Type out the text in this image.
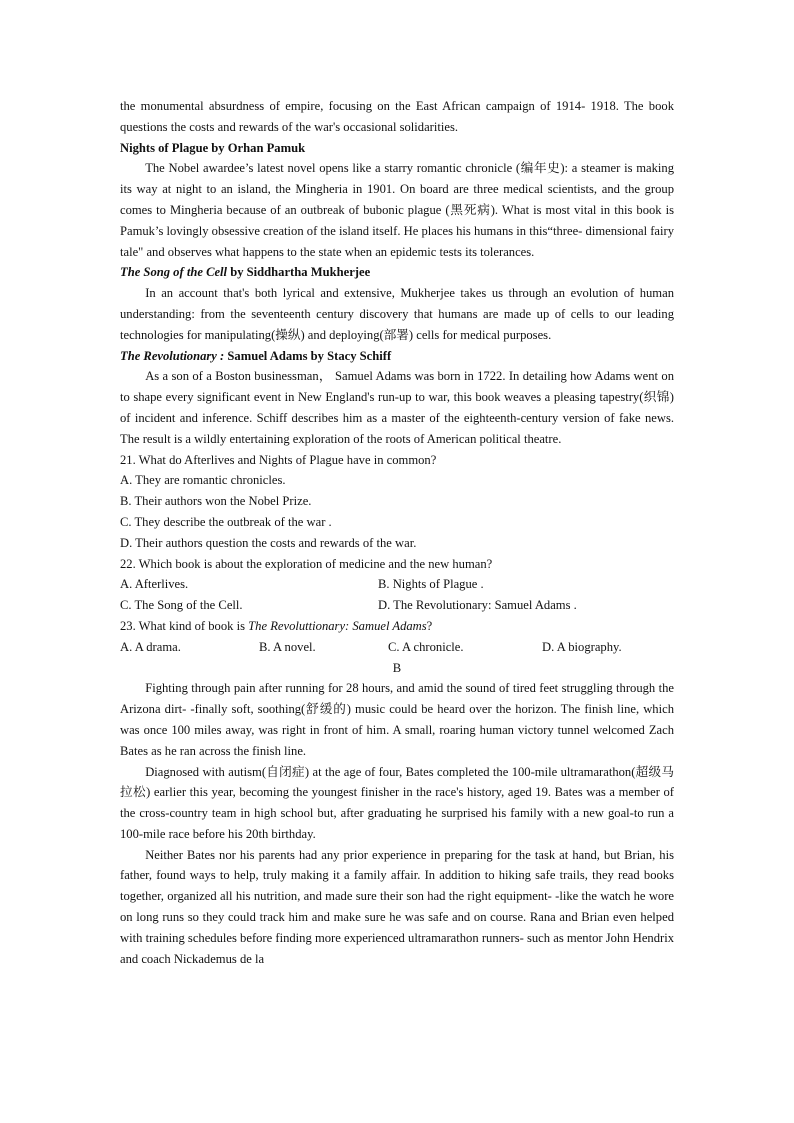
the monumental absurdness of empire, focusing on the East African campaign of 1914- 1918. The book questions the costs and rewards of the war's occasional solidarities.

Nights of Plague by Orhan Pamuk

The Nobel awardee’s latest novel opens like a starry romantic chronicle (编年史): a steamer is making its way at night to an island, the Mingheria in 1901. On board are three medical scientists, and the group comes to Mingheria because of an outbreak of bubonic plague (黑死病). What is most vital in this book is Pamuk’s lovingly obsessive creation of the island itself. He places his humans in this“three- dimensional fairy tale" and observes what happens to the state when an epidemic tests its tolerances.

The Song of the Cell by Siddhartha Mukherjee

In an account that's both lyrical and extensive, Mukherjee takes us through an evolution of human understanding: from the seventeenth century discovery that humans are made up of cells to our leading technologies for manipulating(操纵) and deploying(部署) cells for medical purposes.

The Revolutionary : Samuel Adams by Stacy Schiff

As a son of a Boston businessman， Samuel Adams was born in 1722. In detailing how Adams went on to shape every significant event in New England's run-up to war, this book weaves a pleasing tapestry(织锦) of incident and inference. Schiff describes him as a master of the eighteenth-century version of fake news. The result is a wildly entertaining exploration of the roots of American political theatre.

21. What do Afterlives and Nights of Plague have in common?

A. They are romantic chronicles.

B. Their authors won the Nobel Prize.

C. They describe the outbreak of the war .

D. Their authors question the costs and rewards of the war.

22. Which book is about the exploration of medicine and the new human?

A. Afterlives.	B. Nights of Plague .
C. The Song of the Cell.	D. The Revolutionary: Samuel Adams .

23. What kind of book is The Revoluttionary: Samuel Adams?

A. A drama.	B. A novel.	C. A chronicle.	D. A biography.

B

Fighting through pain after running for 28 hours, and amid the sound of tired feet struggling through the Arizona dirt- -finally soft, soothing(舒缓的) music could be heard over the horizon. The finish line, which was once 100 miles away, was right in front of him. A small, roaring human victory tunnel welcomed Zach Bates as he ran across the finish line.

Diagnosed with autism(自闭症) at the age of four, Bates completed the 100-mile ultramarathon(超级马拉松) earlier this year, becoming the youngest finisher in the race's history, aged 19. Bates was a member of the cross-country team in high school but, after graduating he surprised his family with a new goal-to run a 100-mile race before his 20th birthday.

Neither Bates nor his parents had any prior experience in preparing for the task at hand, but Brian, his father, found ways to help, truly making it a family affair. In addition to hiking safe trails, they read books together, organized all his nutrition, and made sure their son had the right equipment- -like the watch he wore on long runs so they could track him and make sure he was safe and on course. Rana and Brian even helped with training schedules before finding more experienced ultramarathon runners- such as mentor John Hendrix and coach Nickademus de la
